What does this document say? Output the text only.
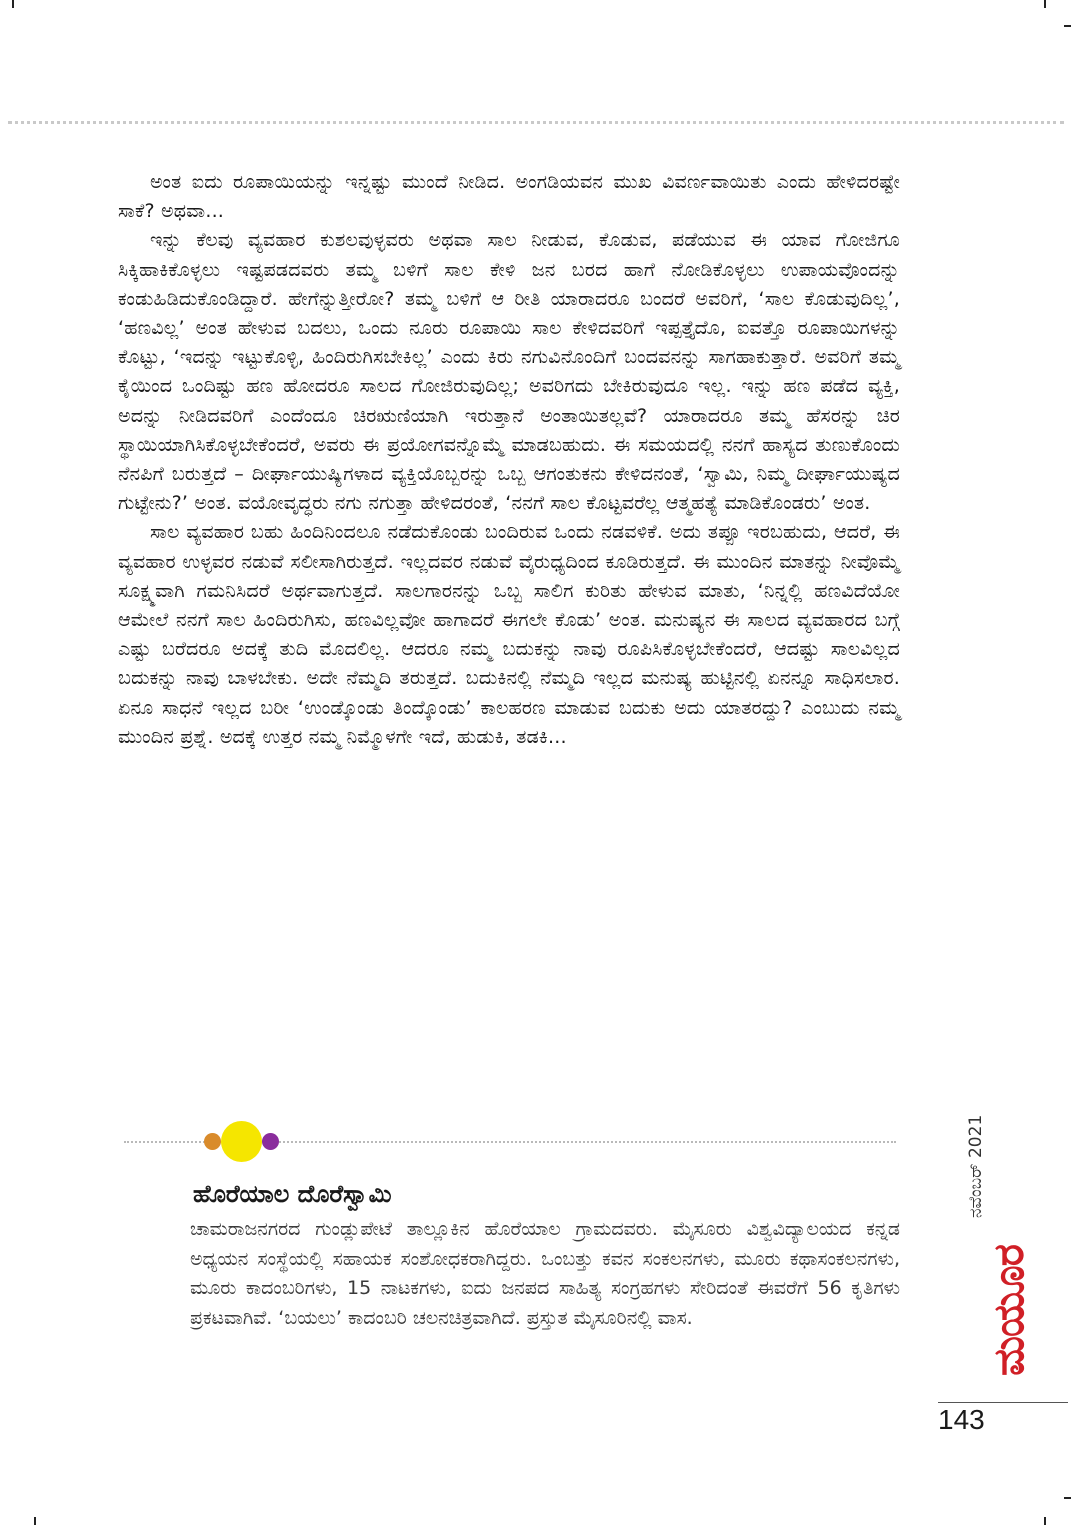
ಅಂತ ಐದು ರೂಪಾಯಿಯನ್ನು ಇನ್ನಷ್ಟು ಮುಂದೆ ನೀಡಿದ. ಅಂಗಡಿಯವನ ಮುಖ ವಿವರ್ಣವಾಯಿತು ಎಂದು ಹೇಳಿದರಷ್ಟೇ ಸಾಕೆ? ಅಥವಾ...

ಇನ್ನು ಕೆಲವು ವ್ಯವಹಾರ ಕುಶಲವುಳ್ಳವರು ಅಥವಾ ಸಾಲ ನೀಡುವ, ಕೊಡುವ, ಪಡೆಯುವ ಈ ಯಾವ ಗೋಜಿಗೂ ಸಿಕ್ಕಿಹಾಕಿಕೊಳ್ಳಲು ಇಷ್ಟಪಡದವರು ತಮ್ಮ ಬಳಿಗೆ ಸಾಲ ಕೇಳಿ ಜನ ಬರದ ಹಾಗೆ ನೋಡಿಕೊಳ್ಳಲು ಉಪಾಯವೊಂದನ್ನು ಕಂಡುಹಿಡಿದುಕೊಂಡಿದ್ದಾರೆ. ಹೇಗೆನ್ನುತ್ತೀರೋ? ತಮ್ಮ ಬಳಿಗೆ ಆ ರೀತಿ ಯಾರಾದರೂ ಬಂದರೆ ಅವರಿಗೆ, ‘ಸಾಲ ಕೊಡುವುದಿಲ್ಲ’, ‘ಹಣವಿಲ್ಲ’ ಅಂತ ಹೇಳುವ ಬದಲು, ಒಂದು ನೂರು ರೂಪಾಯಿ ಸಾಲ ಕೇಳಿದವರಿಗೆ ಇಪ್ಪತ್ತೈದೊ, ಐವತ್ತೊ ರೂಪಾಯಿಗಳನ್ನು ಕೊಟ್ಟು, ‘ಇದನ್ನು ಇಟ್ಟುಕೊಳ್ಳಿ, ಹಿಂದಿರುಗಿಸಬೇಕಿಲ್ಲ’ ಎಂದು ಕಿರು ನಗುವಿನೊಂದಿಗೆ ಬಂದವನನ್ನು ಸಾಗಹಾಕುತ್ತಾರೆ. ಅವರಿಗೆ ತಮ್ಮ ಕೈಯಿಂದ ಒಂದಿಷ್ಟು ಹಣ ಹೋದರೂ ಸಾಲದ ಗೋಜಿರುವುದಿಲ್ಲ; ಅವರಿಗದು ಬೇಕಿರುವುದೂ ಇಲ್ಲ. ಇನ್ನು ಹಣ ಪಡೆದ ವ್ಯಕ್ತಿ, ಅದನ್ನು ನೀಡಿದವರಿಗೆ ಎಂದೆಂದೂ ಚಿರಋಣಿಯಾಗಿ ಇರುತ್ತಾನೆ ಅಂತಾಯಿತಲ್ಲವೆ? ಯಾರಾದರೂ ತಮ್ಮ ಹೆಸರನ್ನು ಚಿರ ಸ್ಥಾಯಿಯಾಗಿಸಿಕೊಳ್ಳಬೇಕೆಂದರೆ, ಅವರು ಈ ಪ್ರಯೋಗವನ್ನೊಮ್ಮೆ ಮಾಡಬಹುದು. ಈ ಸಮಯದಲ್ಲಿ ನನಗೆ ಹಾಸ್ಯದ ತುಣುಕೊಂದು ನೆನಪಿಗೆ ಬರುತ್ತದೆ – ದೀರ್ಘಾಯುಷ್ಯಿಗಳಾದ ವ್ಯಕ್ತಿಯೊಬ್ಬರನ್ನು ಒಬ್ಬ ಆಗಂತುಕನು ಕೇಳಿದನಂತೆ, ‘ಸ್ವಾಮಿ, ನಿಮ್ಮ ದೀರ್ಘಾಯುಷ್ಯದ ಗುಟ್ಟೇನು?’ ಅಂತ. ವಯೋವೃದ್ಧರು ನಗು ನಗುತ್ತಾ ಹೇಳಿದರಂತೆ, ‘ನನಗೆ ಸಾಲ ಕೊಟ್ಟವರೆಲ್ಲ ಆತ್ಮಹತ್ಯೆ ಮಾಡಿಕೊಂಡರು’ ಅಂತ.

ಸಾಲ ವ್ಯವಹಾರ ಬಹು ಹಿಂದಿನಿಂದಲೂ ನಡೆದುಕೊಂಡು ಬಂದಿರುವ ಒಂದು ನಡವಳಿಕೆ. ಅದು ತಪ್ಪೂ ಇರಬಹುದು, ಆದರೆ, ಈ ವ್ಯವಹಾರ ಉಳ್ಳವರ ನಡುವೆ ಸಲೀಸಾಗಿರುತ್ತದೆ. ಇಲ್ಲದವರ ನಡುವೆ ವೈರುಧ್ಯದಿಂದ ಕೂಡಿರುತ್ತದೆ. ಈ ಮುಂದಿನ ಮಾತನ್ನು ನೀವೊಮ್ಮೆ ಸೂಕ್ಷ್ಮವಾಗಿ ಗಮನಿಸಿದರೆ ಅರ್ಥವಾಗುತ್ತದೆ. ಸಾಲಗಾರನನ್ನು ಒಬ್ಬ ಸಾಲಿಗ ಕುರಿತು ಹೇಳುವ ಮಾತು, ‘ನಿನ್ನಲ್ಲಿ ಹಣವಿದೆಯೋ ಆಮೇಲೆ ನನಗೆ ಸಾಲ ಹಿಂದಿರುಗಿಸು, ಹಣವಿಲ್ಲವೋ ಹಾಗಾದರೆ ಈಗಲೇ ಕೊಡು’ ಅಂತ. ಮನುಷ್ಯನ ಈ ಸಾಲದ ವ್ಯವಹಾರದ ಬಗ್ಗೆ ಎಷ್ಟು ಬರೆದರೂ ಅದಕ್ಕೆ ತುದಿ ಮೊದಲಿಲ್ಲ. ಆದರೂ ನಮ್ಮ ಬದುಕನ್ನು ನಾವು ರೂಪಿಸಿಕೊಳ್ಳಬೇಕೆಂದರೆ, ಆದಷ್ಟು ಸಾಲವಿಲ್ಲದ ಬದುಕನ್ನು ನಾವು ಬಾಳಬೇಕು. ಅದೇ ನೆಮ್ಮದಿ ತರುತ್ತದೆ. ಬದುಕಿನಲ್ಲಿ ನೆಮ್ಮದಿ ಇಲ್ಲದ ಮನುಷ್ಯ ಹುಟ್ಟಿನಲ್ಲಿ ಏನನ್ನೂ ಸಾಧಿಸಲಾರ. ಏನೂ ಸಾಧನೆ ಇಲ್ಲದ ಬರೀ ‘ಉಂಡ್ಕೊಂಡು ತಿಂದ್ಕೊಂಡು’ ಕಾಲಹರಣ ಮಾಡುವ ಬದುಕು ಅದು ಯಾತರದ್ದು? ಎಂಬುದು ನಮ್ಮ ಮುಂದಿನ ಪ್ರಶ್ನೆ. ಅದಕ್ಕೆ ಉತ್ತರ ನಮ್ಮ ನಿಮ್ಮೊಳಗೇ ಇದೆ, ಹುಡುಕಿ, ತಡಕಿ...

ಹೊರೆಯಾಲ ದೊರೆಸ್ವಾಮಿ
ಚಾಮರಾಜನಗರದ ಗುಂಡ್ಲುಪೇಟೆ ತಾಲ್ಲೂಕಿನ ಹೊರೆಯಾಲ ಗ್ರಾಮದವರು. ಮೈಸೂರು ವಿಶ್ವವಿದ್ಯಾಲಯದ ಕನ್ನಡ ಅಧ್ಯಯನ ಸಂಸ್ಥೆಯಲ್ಲಿ ಸಹಾಯಕ ಸಂಶೋಧಕರಾಗಿದ್ದರು. ಒಂಬತ್ತು ಕವನ ಸಂಕಲನಗಳು, ಮೂರು ಕಥಾಸಂಕಲನಗಳು, ಮೂರು ಕಾದಂಬರಿಗಳು, 15 ನಾಟಕಗಳು, ಐದು ಜನಪದ ಸಾಹಿತ್ಯ ಸಂಗ್ರಹಗಳು ಸೇರಿದಂತೆ ಈವರೆಗೆ 56 ಕೃತಿಗಳು ಪ್ರಕಟವಾಗಿವೆ. ‘ಬಯಲು’ ಕಾದಂಬರಿ ಚಲನಚಿತ್ರವಾಗಿದೆ. ಪ್ರಸ್ತುತ ಮೈಸೂರಿನಲ್ಲಿ ವಾಸ.
ನವೆಂಬರ್ 2021
ಮಯೂರ
143
